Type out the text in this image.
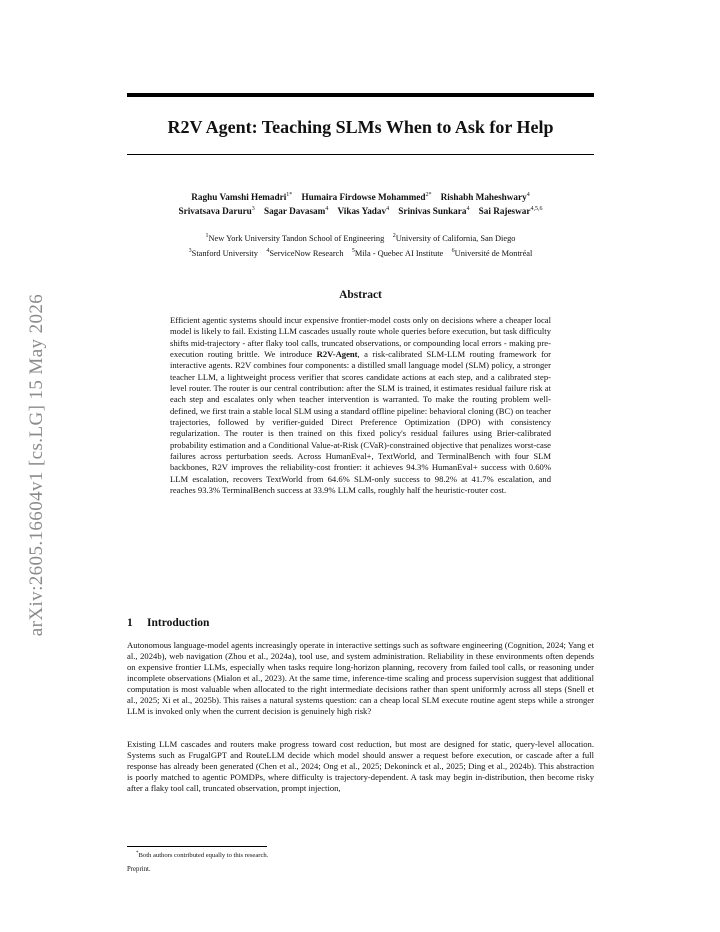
arXiv:2605.16604v1 [cs.LG] 15 May 2026
R2V Agent: Teaching SLMs When to Ask for Help
Raghu Vamshi Hemadri$^{1*}$  Humaira Firdowse Mohammed$^{2*}$  Rishabh Maheshwary$^4$
Srivatsava Daruru$^3$  Sagar Davasam$^4$  Vikas Yadav$^4$  Srinivas Sunkara$^4$  Sai Rajeswar$^{4,5,6}$
$^1$New York University Tandon School of Engineering  $^2$University of California, San Diego
$^3$Stanford University  $^4$ServiceNow Research  $^5$Mila - Quebec AI Institute  $^6$Université de Montréal
Abstract
Efficient agentic systems should incur expensive frontier-model costs only on decisions where a cheaper local model is likely to fail. Existing LLM cascades usually route whole queries before execution, but task difficulty shifts mid-trajectory - after flaky tool calls, truncated observations, or compounding local errors - making pre-execution routing brittle. We introduce R2V-Agent, a risk-calibrated SLM-LLM routing framework for interactive agents. R2V combines four components: a distilled small language model (SLM) policy, a stronger teacher LLM, a lightweight process verifier that scores candidate actions at each step, and a calibrated step-level router. The router is our central contribution: after the SLM is trained, it estimates residual failure risk at each step and escalates only when teacher intervention is warranted. To make the routing problem well-defined, we first train a stable local SLM using a standard offline pipeline: behavioral cloning (BC) on teacher trajectories, followed by verifier-guided Direct Preference Optimization (DPO) with consistency regularization. The router is then trained on this fixed policy's residual failures using Brier-calibrated probability estimation and a Conditional Value-at-Risk (CVaR)-constrained objective that penalizes worst-case failures across perturbation seeds. Across HumanEval+, TextWorld, and TerminalBench with four SLM backbones, R2V improves the reliability-cost frontier: it achieves 94.3% HumanEval+ success with 0.60% LLM escalation, recovers TextWorld from 64.6% SLM-only success to 98.2% at 41.7% escalation, and reaches 93.3% TerminalBench success at 33.9% LLM calls, roughly half the heuristic-router cost.
1 Introduction
Autonomous language-model agents increasingly operate in interactive settings such as software engineering (Cognition, 2024; Yang et al., 2024b), web navigation (Zhou et al., 2024a), tool use, and system administration. Reliability in these environments often depends on expensive frontier LLMs, especially when tasks require long-horizon planning, recovery from failed tool calls, or reasoning under incomplete observations (Mialon et al., 2023). At the same time, inference-time scaling and process supervision suggest that additional computation is most valuable when allocated to the right intermediate decisions rather than spent uniformly across all steps (Snell et al., 2025; Xi et al., 2025b). This raises a natural systems question: can a cheap local SLM execute routine agent steps while a stronger LLM is invoked only when the current decision is genuinely high risk?
Existing LLM cascades and routers make progress toward cost reduction, but most are designed for static, query-level allocation. Systems such as FrugalGPT and RouteLLM decide which model should answer a request before execution, or cascade after a full response has already been generated (Chen et al., 2024; Ong et al., 2025; Dekoninck et al., 2025; Ding et al., 2024b). This abstraction is poorly matched to agentic POMDPs, where difficulty is trajectory-dependent. A task may begin in-distribution, then become risky after a flaky tool call, truncated observation, prompt injection,
*Both authors contributed equally to this research.
Preprint.
